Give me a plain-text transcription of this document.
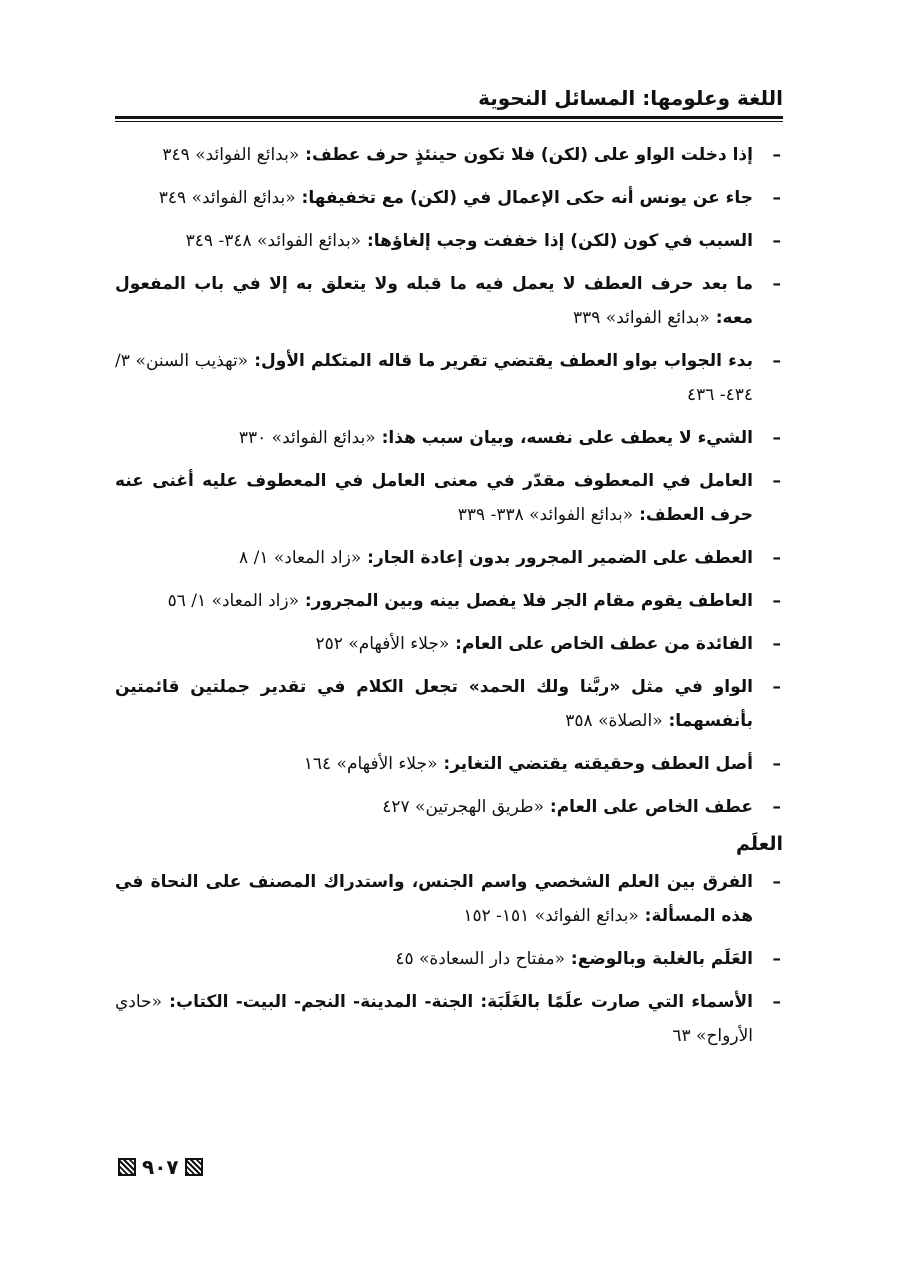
اللغة وعلومها: المسائل النحوية
–
إذا دخلت الواو على (لكن) فلا تكون حينئذٍ حرف عطف: «بدائع الفوائد» ٣٤٩
–
جاء عن يونس أنه حكى الإعمال في (لكن) مع تخفيفها: «بدائع الفوائد» ٣٤٩
–
السبب في كون (لكن) إذا خففت وجب إلغاؤها: «بدائع الفوائد» ٣٤٨- ٣٤٩
–
ما بعد حرف العطف لا يعمل فيه ما قبله ولا يتعلق به إلا في باب المفعول معه: «بدائع الفوائد» ٣٣٩
–
بدء الجواب بواو العطف يقتضي تقرير ما قاله المتكلم الأول: «تهذيب السنن» ٣/ ٤٣٤- ٤٣٦
–
الشيء لا يعطف على نفسه، وبيان سبب هذا: «بدائع الفوائد» ٣٣٠
–
العامل في المعطوف مقدّر في معنى العامل في المعطوف عليه أغنى عنه حرف العطف: «بدائع الفوائد» ٣٣٨- ٣٣٩
–
العطف على الضمير المجرور بدون إعادة الجار: «زاد المعاد» ١/ ٨
–
العاطف يقوم مقام الجر فلا يفصل بينه وبين المجرور: «زاد المعاد» ١/ ٥٦
–
الفائدة من عطف الخاص على العام: «جلاء الأفهام» ٢٥٢
–
الواو في مثل «ربَّنا ولك الحمد» تجعل الكلام في تقدير جملتين قائمتين بأنفسهما: «الصلاة» ٣٥٨
–
أصل العطف وحقيقته يقتضي التغاير: «جلاء الأفهام» ١٦٤
–
عطف الخاص على العام: «طريق الهجرتين» ٤٢٧
العلَم
–
الفرق بين العلم الشخصي واسم الجنس، واستدراك المصنف على النحاة في هذه المسألة: «بدائع الفوائد» ١٥١- ١٥٢
–
العَلَم بالغلبة وبالوضع: «مفتاح دار السعادة» ٤٥
–
الأسماء التي صارت علَمًا بالغَلَبَة: الجنة- المدينة- النجم- البيت- الكتاب: «حادي الأرواح» ٦٣
٩٠٧
